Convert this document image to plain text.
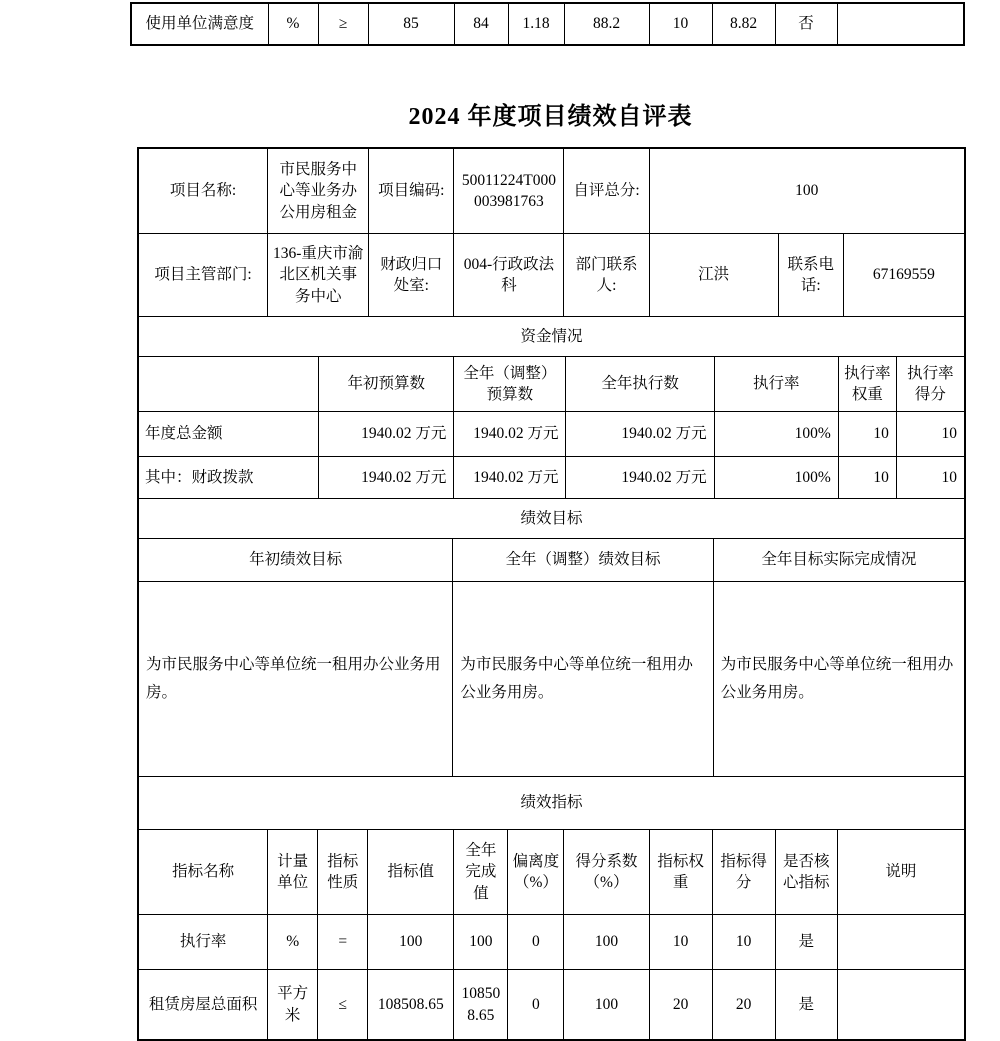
使用单位满意度	%	≥	85	84	1.18	88.2	10	8.82	否	
2024 年度项目绩效自评表
项目名称:	市民服务中心等业务办公用房租金	项目编码:	50011224T000003981763	自评总分:	100		
项目主管部门:	136-重庆市渝北区机关事务中心	财政归口处室:	004-行政政法科	部门联系人:	江洪	联系电话:	67169559
资金情况						
	年初预算数	全年（调整）预算数	全年执行数	执行率	执行率权重	执行率得分
年度总金额	1940.02 万元	1940.02 万元	1940.02 万元	100%	10	10
其中：财政拨款	1940.02 万元	1940.02 万元	1940.02 万元	100%	10	10
绩效目标		
年初绩效目标	全年（调整）绩效目标	全年目标实际完成情况
为市民服务中心等单位统一租用办公业务用房。	为市民服务中心等单位统一租用办公业务用房。	为市民服务中心等单位统一租用办公业务用房。
绩效指标										
指标名称	计量单位	指标性质	指标值	全年完成值	偏离度（%）	得分系数（%）	指标权重	指标得分	是否核心指标	说明
执行率	%	=	100	100	0	100	10	10	是	
租赁房屋总面积	平方米	≤	108508.65	108508.65	0	100	20	20	是	
